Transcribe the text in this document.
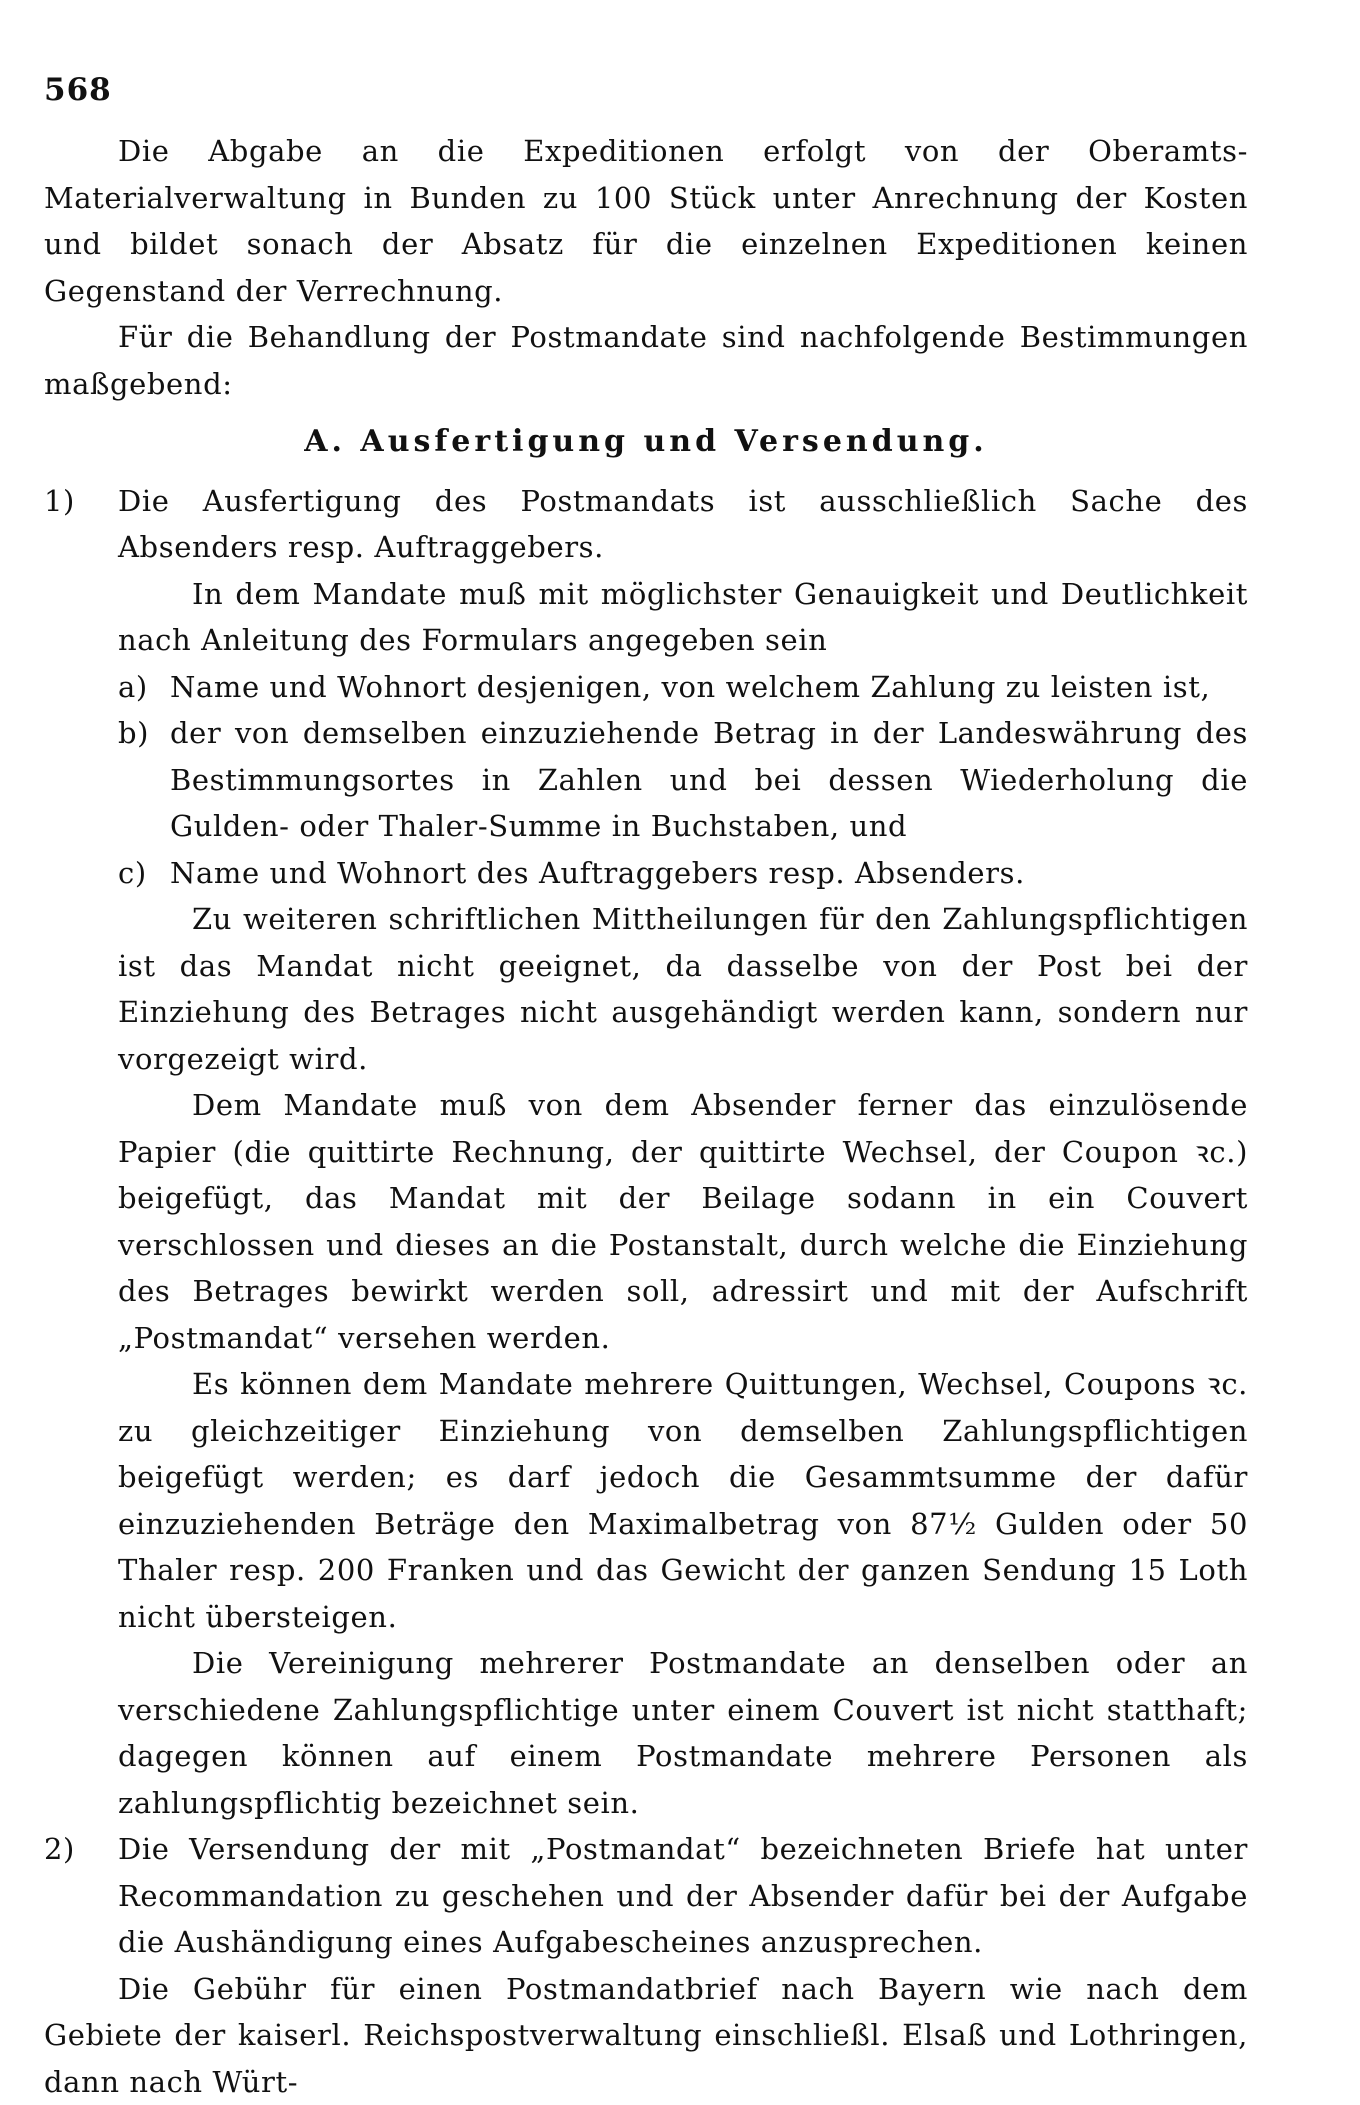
568

Die Abgabe an die Expeditionen erfolgt von der Oberamts-Materialverwaltung in Bunden zu 100 Stück unter Anrechnung der Kosten und bildet sonach der Absatz für die einzelnen Expeditionen keinen Gegenstand der Verrechnung.

Für die Behandlung der Postmandate sind nachfolgende Bestimmungen maßgebend:

A. Ausfertigung und Versendung.
1)	Die Ausfertigung des Postmandats ist ausschließlich Sache des Absenders resp. Auftraggebers.

In dem Mandate muß mit möglichster Genauigkeit und Deutlichkeit nach Anleitung des Formulars angegeben sein

a) Name und Wohnort desjenigen, von welchem Zahlung zu leisten ist,
b) der von demselben einzuziehende Betrag in der Landeswährung des Bestimmungsortes in Zahlen und bei dessen Wiederholung die Gulden- oder Thaler-Summe in Buchstaben, und
c) Name und Wohnort des Auftraggebers resp. Absenders.

Zu weiteren schriftlichen Mittheilungen für den Zahlungspflichtigen ist das Mandat nicht geeignet, da dasselbe von der Post bei der Einziehung des Betrages nicht ausgehändigt werden kann, sondern nur vorgezeigt wird.

Dem Mandate muß von dem Absender ferner das einzulösende Papier (die quittirte Rechnung, der quittirte Wechsel, der Coupon ꝛc.) beigefügt, das Mandat mit der Beilage sodann in ein Couvert verschlossen und dieses an die Postanstalt, durch welche die Einziehung des Betrages bewirkt werden soll, adressirt und mit der Aufschrift „Postmandat“ versehen werden.

Es können dem Mandate mehrere Quittungen, Wechsel, Coupons ꝛc. zu gleichzeitiger Einziehung von demselben Zahlungspflichtigen beigefügt werden; es darf jedoch die Gesammtsumme der dafür einzuziehenden Beträge den Maximalbetrag von 87½ Gulden oder 50 Thaler resp. 200 Franken und das Gewicht der ganzen Sendung 15 Loth nicht übersteigen.

Die Vereinigung mehrerer Postmandate an denselben oder an verschiedene Zahlungspflichtige unter einem Couvert ist nicht statthaft; dagegen können auf einem Postmandate mehrere Personen als zahlungspflichtig bezeichnet sein.

2)	Die Versendung der mit „Postmandat“ bezeichneten Briefe hat unter Recommandation zu geschehen und der Absender dafür bei der Aufgabe die Aushändigung eines Aufgabescheines anzusprechen.

Die Gebühr für einen Postmandatbrief nach Bayern wie nach dem Gebiete der kaiserl. Reichspostverwaltung einschließl. Elsaß und Lothringen, dann nach Würt-
